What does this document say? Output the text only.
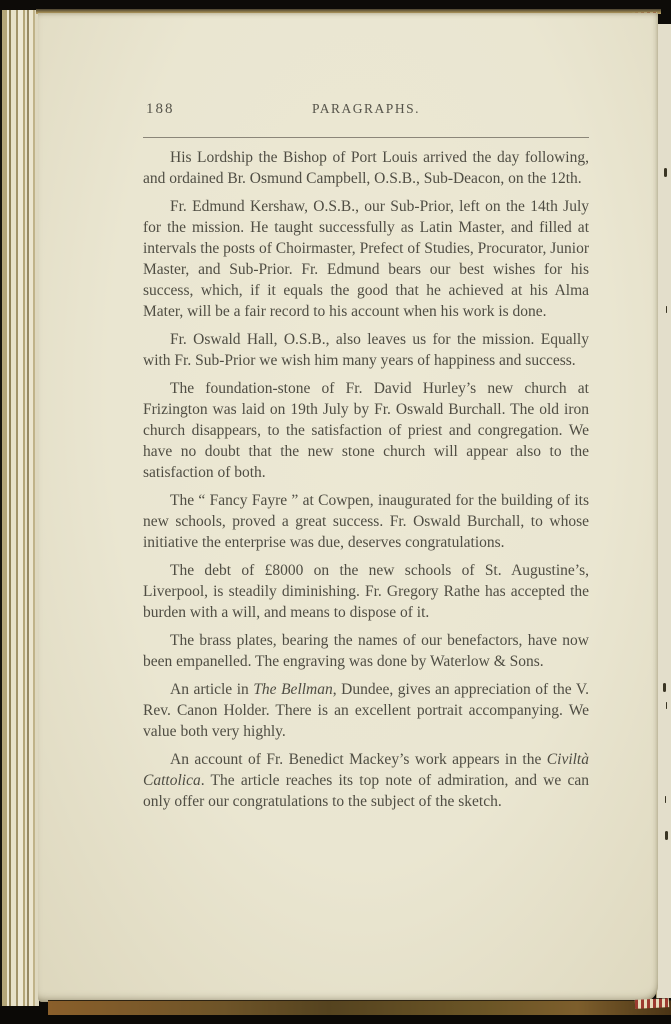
188	PARAGRAPHS.

His Lordship the Bishop of Port Louis arrived the day following, and ordained Br. Osmund Campbell, O.S.B., Sub-Deacon, on the 12th.

Fr. Edmund Kershaw, O.S.B., our Sub-Prior, left on the 14th July for the mission. He taught successfully as Latin Master, and filled at intervals the posts of Choirmaster, Prefect of Studies, Procurator, Junior Master, and Sub-Prior. Fr. Edmund bears our best wishes for his success, which, if it equals the good that he achieved at his Alma Mater, will be a fair record to his account when his work is done.

Fr. Oswald Hall, O.S.B., also leaves us for the mission. Equally with Fr. Sub-Prior we wish him many years of happiness and success.

The foundation-stone of Fr. David Hurley’s new church at Frizington was laid on 19th July by Fr. Oswald Burchall. The old iron church disappears, to the satisfaction of priest and congregation. We have no doubt that the new stone church will appear also to the satisfaction of both.

The “ Fancy Fayre ” at Cowpen, inaugurated for the building of its new schools, proved a great success. Fr. Oswald Burchall, to whose initiative the enterprise was due, deserves congratulations.

The debt of £8000 on the new schools of St. Augustine’s, Liverpool, is steadily diminishing. Fr. Gregory Rathe has accepted the burden with a will, and means to dispose of it.

The brass plates, bearing the names of our benefactors, have now been empanelled. The engraving was done by Waterlow & Sons.

An article in The Bellman, Dundee, gives an appreciation of the V. Rev. Canon Holder. There is an excellent portrait accompanying. We value both very highly.

An account of Fr. Benedict Mackey’s work appears in the Civiltà Cattolica. The article reaches its top note of admiration, and we can only offer our congratulations to the subject of the sketch.
